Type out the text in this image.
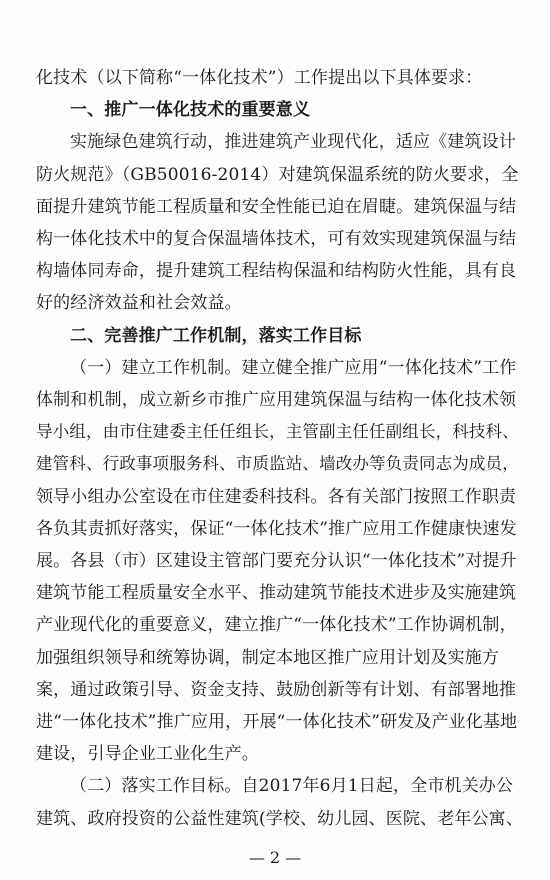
化技术（以下简称“一体化技术”）工作提出以下具体要求：
一、推广一体化技术的重要意义
实施绿色建筑行动，推进建筑产业现代化，适应《建筑设计
防火规范》（GB50016-2014）对建筑保温系统的防火要求，全
面提升建筑节能工程质量和安全性能已迫在眉睫。建筑保温与结
构一体化技术中的复合保温墙体技术，可有效实现建筑保温与结
构墙体同寿命，提升建筑工程结构保温和结构防火性能，具有良
好的经济效益和社会效益。
二、完善推广工作机制，落实工作目标
（一）建立工作机制。建立健全推广应用“一体化技术”工作
体制和机制，成立新乡市推广应用建筑保温与结构一体化技术领
导小组，由市住建委主任任组长，主管副主任任副组长，科技科、
建管科、行政事项服务科、市质监站、墙改办等负责同志为成员，
领导小组办公室设在市住建委科技科。各有关部门按照工作职责
各负其责抓好落实，保证“一体化技术”推广应用工作健康快速发
展。各县（市）区建设主管部门要充分认识“一体化技术”对提升
建筑节能工程质量安全水平、推动建筑节能技术进步及实施建筑
产业现代化的重要意义，建立推广“一体化技术”工作协调机制，
加强组织领导和统筹协调，制定本地区推广应用计划及实施方
案，通过政策引导、资金支持、鼓励创新等有计划、有部署地推
进“一体化技术”推广应用，开展“一体化技术”研发及产业化基地
建设，引导企业工业化生产。
（二）落实工作目标。自2017年6月1日起，全市机关办公
建筑、政府投资的公益性建筑(学校、幼儿园、医院、老年公寓、
— 2 —
